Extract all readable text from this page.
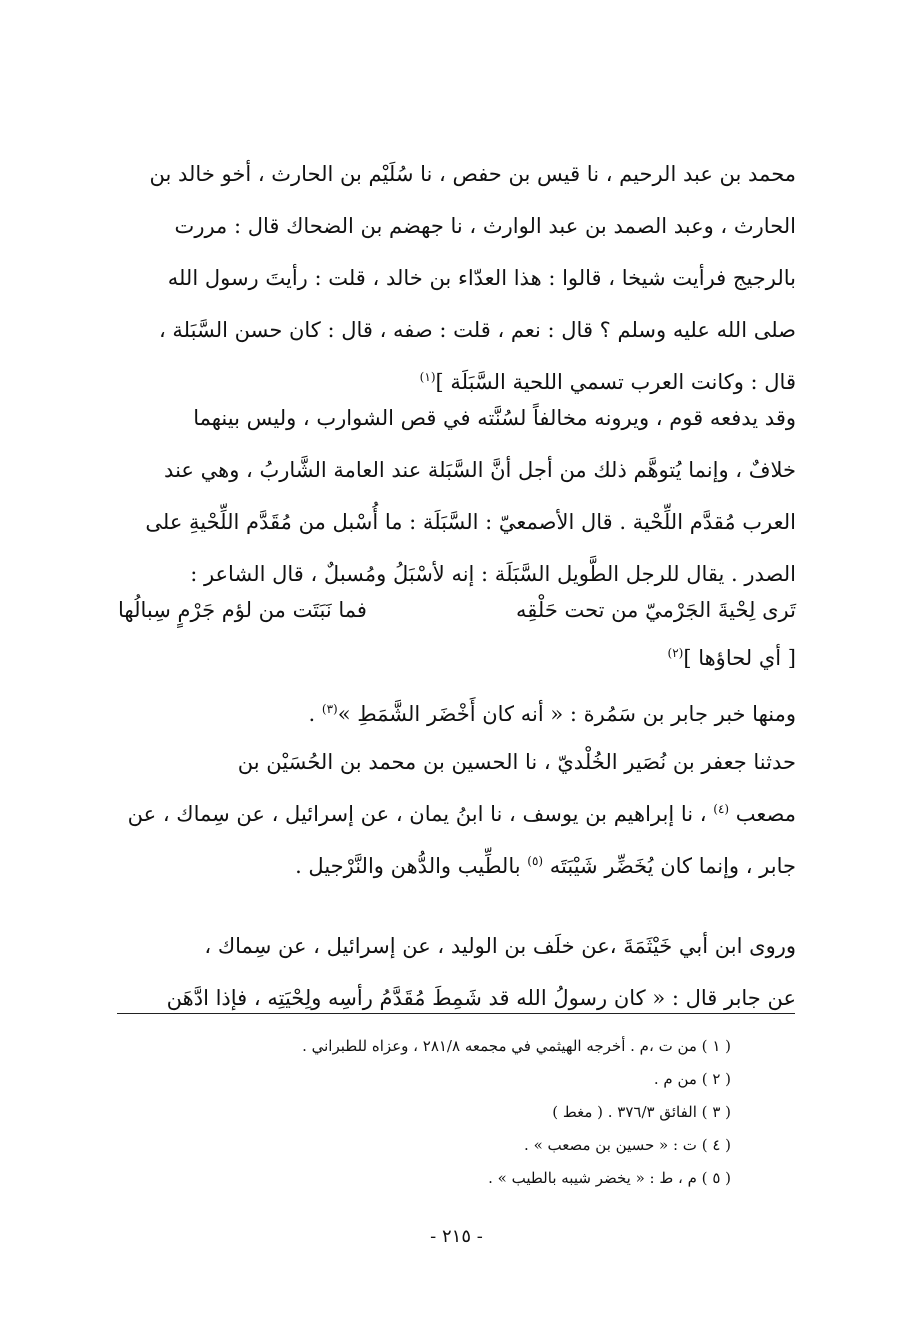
محمد بن عبد الرحيم ، نا قيس بن حفص ، نا سُلَيْم بن الحارث ، أخو خالد بن
الحارث ، وعبد الصمد بن عبد الوارث ، نا جهضم بن الضحاك قال : مررت
بالرجيج فرأيت شيخا ، قالوا : هذا العدّاء بن خالد ، قلت : رأيتَ رسول الله
صلى الله عليه وسلم ؟ قال : نعم ، قلت : صفه ، قال : كان حسن السَّبَلة ،
قال : وكانت العرب تسمي اللحية السَّبَلَة ]$^{(١)}$
وقد يدفعه قوم ، ويرونه مخالفاً لسُنَّته في قص الشوارب ، وليس بينهما
خلافٌ ، وإنما يُتوهَّم ذلك من أجل أنَّ السَّبَلة عند العامة الشَّاربُ ، وهي عند
العرب مُقدَّم اللِّحْية . قال الأصمعيّ : السَّبَلَة : ما أُسْبل من مُقَدَّم اللِّحْيةِ على
الصدر . يقال للرجل الطَّويل السَّبَلَة : إنه لأسْبَلُ ومُسبلٌ ، قال الشاعر :
تَرى لِحْيةَ الجَرْميّ من تحت حَلْقِه
فما نَبَتَت من لؤم جَرْمٍ سِبالُها
[ أي لحاؤها ]$^{(٢)}$
ومنها خبر جابر بن سَمُرة : « أنه كان أَخْضَر الشَّمَطِ »$^{(٣)}$ .
حدثنا جعفر بن نُصَير الخُلْديّ ، نا الحسين بن محمد بن الحُسَيْن بن
مصعب $^{(٤)}$ ، نا إبراهيم بن يوسف ، نا ابنُ يمان ، عن إسرائيل ، عن سِماك ، عن
جابر ، وإنما كان يُخَضِّر شَيْبَتَه $^{(٥)}$ بالطِّيب والدُّهن والنَّرْجيل .
وروى ابن أبي خَيْثَمَةَ ،عن خلَف بن الوليد ، عن إسرائيل ، عن سِماك ،
عن جابر قال : « كان رسولُ الله قد شَمِطَ مُقَدَّمُ رأسِه ولِحْيَتِه ، فإذا ادَّهَن
( ١ ) من ت ،م . أخرجه الهيثمي في مجمعه ٢٨١/٨ ، وعزاه للطبراني .
( ٢ ) من م .
( ٣ ) الفائق ٣٧٦/٣ . ( مغط )
( ٤ ) ت : « حسين بن مصعب » .
( ٥ ) م ، ط : « يخضر شيبه بالطيب » .
- ٢١٥ -
